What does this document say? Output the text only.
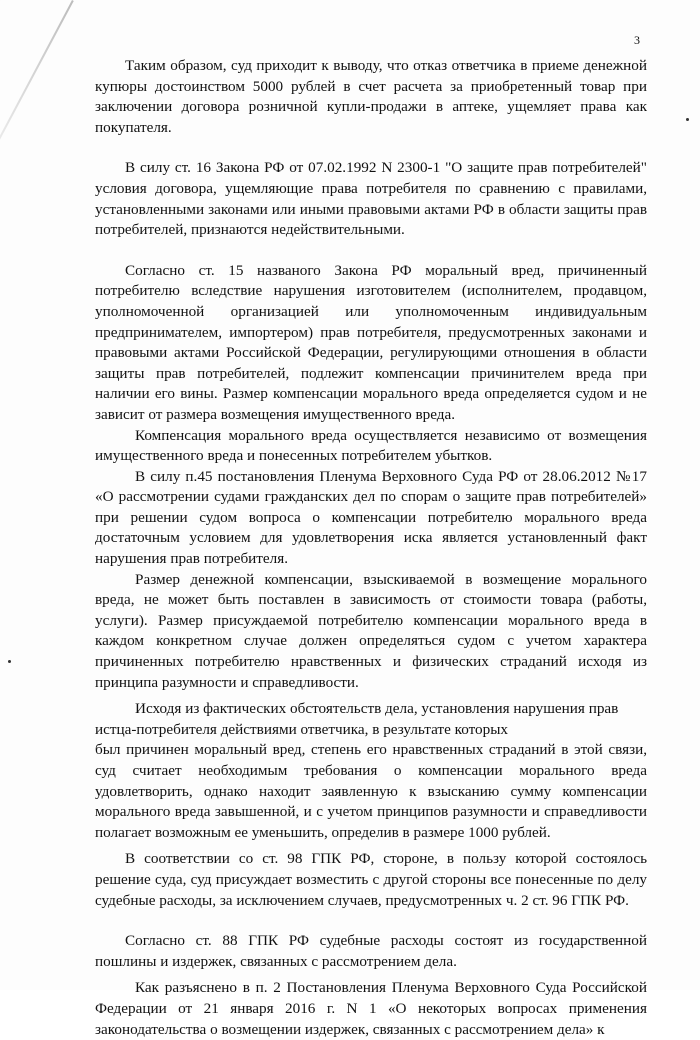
3

Таким образом, суд приходит к выводу, что отказ ответчика в приеме денежной купюры достоинством 5000 рублей в счет расчета за приобретенный товар при заключении договора розничной купли-продажи в аптеке, ущемляет права как покупателя.

В силу ст. 16 Закона РФ от 07.02.1992 N 2300-1 "О защите прав потребителей" условия договора, ущемляющие права потребителя по сравнению с правилами, установленными законами или иными правовыми актами РФ в области защиты прав потребителей, признаются недействительными.

Согласно ст. 15 названого Закона РФ моральный вред, причиненный потребителю вследствие нарушения изготовителем (исполнителем, продавцом, уполномоченной организацией или уполномоченным индивидуальным предпринимателем, импортером) прав потребителя, предусмотренных законами и правовыми актами Российской Федерации, регулирующими отношения в области защиты прав потребителей, подлежит компенсации причинителем вреда при наличии его вины. Размер компенсации морального вреда определяется судом и не зависит от размера возмещения имущественного вреда.

Компенсация морального вреда осуществляется независимо от возмещения имущественного вреда и понесенных потребителем убытков.

В силу п.45 постановления Пленума Верховного Суда РФ от 28.06.2012 №17 «О рассмотрении судами гражданских дел по спорам о защите прав потребителей» при решении судом вопроса о компенсации потребителю морального вреда достаточным условием для удовлетворения иска является установленный факт нарушения прав потребителя.

Размер денежной компенсации, взыскиваемой в возмещение морального вреда, не может быть поставлен в зависимость от стоимости товара (работы, услуги). Размер присуждаемой потребителю компенсации морального вреда в каждом конкретном случае должен определяться судом с учетом характера причиненных потребителю нравственных и физических страданий исходя из принципа разумности и справедливости.

Исходя из фактических обстоятельств дела, установления нарушения прав истца-потребителя действиями ответчика, в результате которых

был причинен моральный вред, степень его нравственных страданий в этой связи, суд считает необходимым требования о компенсации морального вреда удовлетворить, однако находит заявленную к взысканию сумму компенсации морального вреда завышенной, и с учетом принципов разумности и справедливости полагает возможным ее уменьшить, определив в размере 1000 рублей.

В соответствии со ст. 98 ГПК РФ, стороне, в пользу которой состоялось решение суда, суд присуждает возместить с другой стороны все понесенные по делу судебные расходы, за исключением случаев, предусмотренных ч. 2 ст. 96 ГПК РФ.

Согласно ст. 88 ГПК РФ судебные расходы состоят из государственной пошлины и издержек, связанных с рассмотрением дела.

Как разъяснено в п. 2 Постановления Пленума Верховного Суда Российской Федерации от 21 января 2016 г. N 1 «О некоторых вопросах применения законодательства о возмещении издержек, связанных с рассмотрением дела» к
